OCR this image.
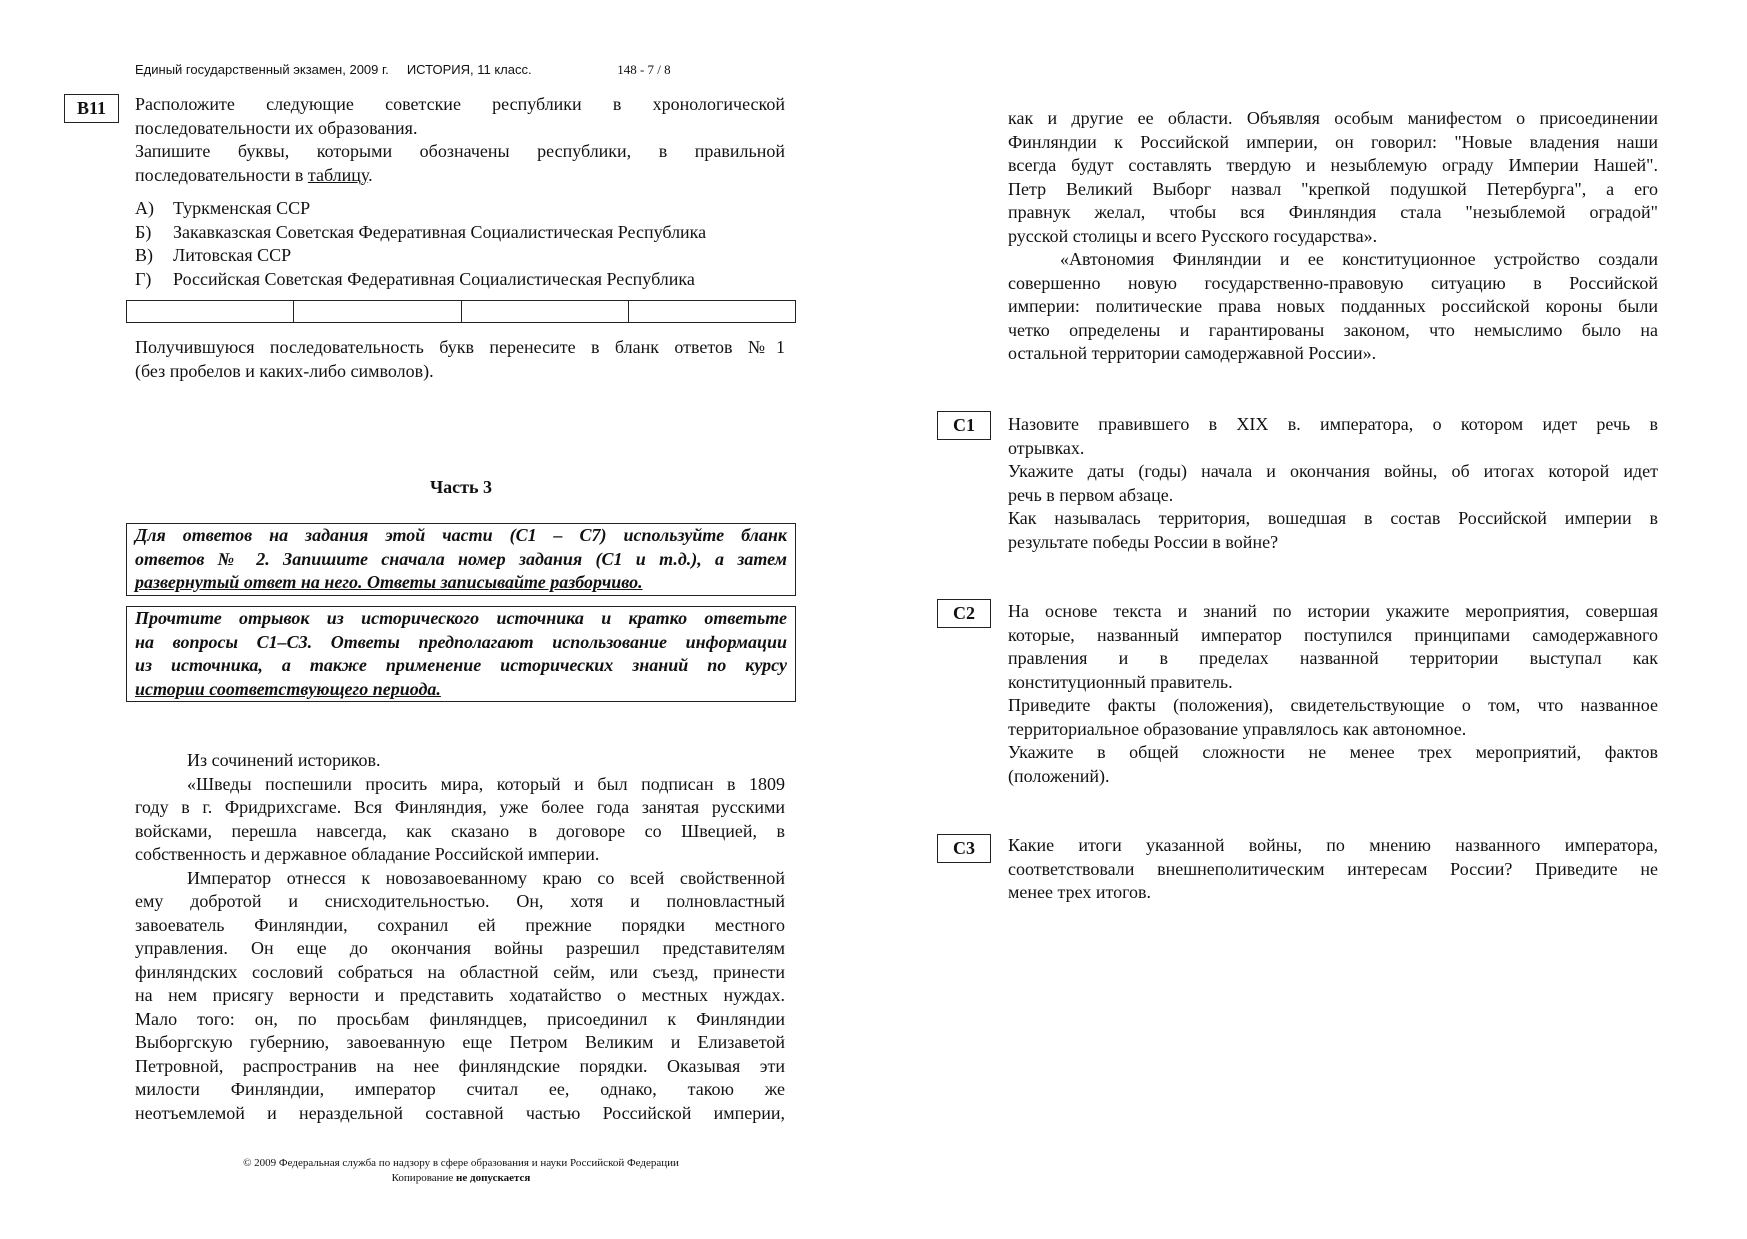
Единый государственный экзамен, 2009 г. ИСТОРИЯ, 11 класс.	148 - 7 / 8
B11	Расположите следующие советские республики в хронологической
последовательности их образования.
Запишите буквы, которыми обозначены республики, в правильной
последовательности в таблицу.
А) Туркменская ССР
Б) Закавказская Советская Федеративная Социалистическая Республика
В) Литовская ССР
Г) Российская Советская Федеративная Социалистическая Республика

Получившуюся последовательность букв перенесите в бланк ответов №1
(без пробелов и каких-либо символов).
Часть 3
Для ответов на задания этой части (С1 – С7) используйте бланк
ответов № 2. Запишите сначала номер задания (С1 и т.д.), а затем
развернутый ответ на него. Ответы записывайте разборчиво.
Прочтите отрывок из исторического источника и кратко ответьте
на вопросы С1–С3. Ответы предполагают использование информации
из источника, а также применение исторических знаний по курсу
истории соответствующего периода.
Из сочинений историков.
«Шведы поспешили просить мира, который и был подписан в 1809
году в г. Фридрихсгаме. Вся Финляндия, уже более года занятая русскими
войсками, перешла навсегда, как сказано в договоре со Швецией, в
собственность и державное обладание Российской империи.
Император отнесся к новозавоеванному краю со всей свойственной
ему добротой и снисходительностью. Он, хотя и полновластный
завоеватель Финляндии, сохранил ей прежние порядки местного
управления. Он еще до окончания войны разрешил представителям
финляндских сословий собраться на областной сейм, или съезд, принести
на нем присягу верности и представить ходатайство о местных нуждах.
Мало того: он, по просьбам финляндцев, присоединил к Финляндии
Выборгскую губернию, завоеванную еще Петром Великим и Елизаветой
Петровной, распространив на нее финляндские порядки. Оказывая эти
милости Финляндии, император считал ее, однако, такою же
неотъемлемой и нераздельной составной частью Российской империи,
© 2009 Федеральная служба по надзору в сфере образования и науки Российской Федерации
Копирование не допускается
как и другие ее области. Объявляя особым манифестом о присоединении
Финляндии к Российской империи, он говорил: "Новые владения наши
всегда будут составлять твердую и незыблемую ограду Империи Нашей".
Петр Великий Выборг назвал "крепкой подушкой Петербурга", а его
правнук желал, чтобы вся Финляндия стала "незыблемой оградой"
русской столицы и всего Русского государства».
«Автономия Финляндии и ее конституционное устройство создали
совершенно новую государственно-правовую ситуацию в Российской
империи: политические права новых подданных российской короны были
четко определены и гарантированы законом, что немыслимо было на
остальной территории самодержавной России».
C1	Назовите правившего в XIX в. императора, о котором идет речь в
отрывках.
Укажите даты (годы) начала и окончания войны, об итогах которой идет
речь в первом абзаце.
Как называлась территория, вошедшая в состав Российской империи в
результате победы России в войне?
C2	На основе текста и знаний по истории укажите мероприятия, совершая
которые, названный император поступился принципами самодержавного
правления и в пределах названной территории выступал как
конституционный правитель.
Приведите факты (положения), свидетельствующие о том, что названное
территориальное образование управлялось как автономное.
Укажите в общей сложности не менее трех мероприятий, фактов
(положений).
C3	Какие итоги указанной войны, по мнению названного императора,
соответствовали внешнеполитическим интересам России? Приведите не
менее трех итогов.
